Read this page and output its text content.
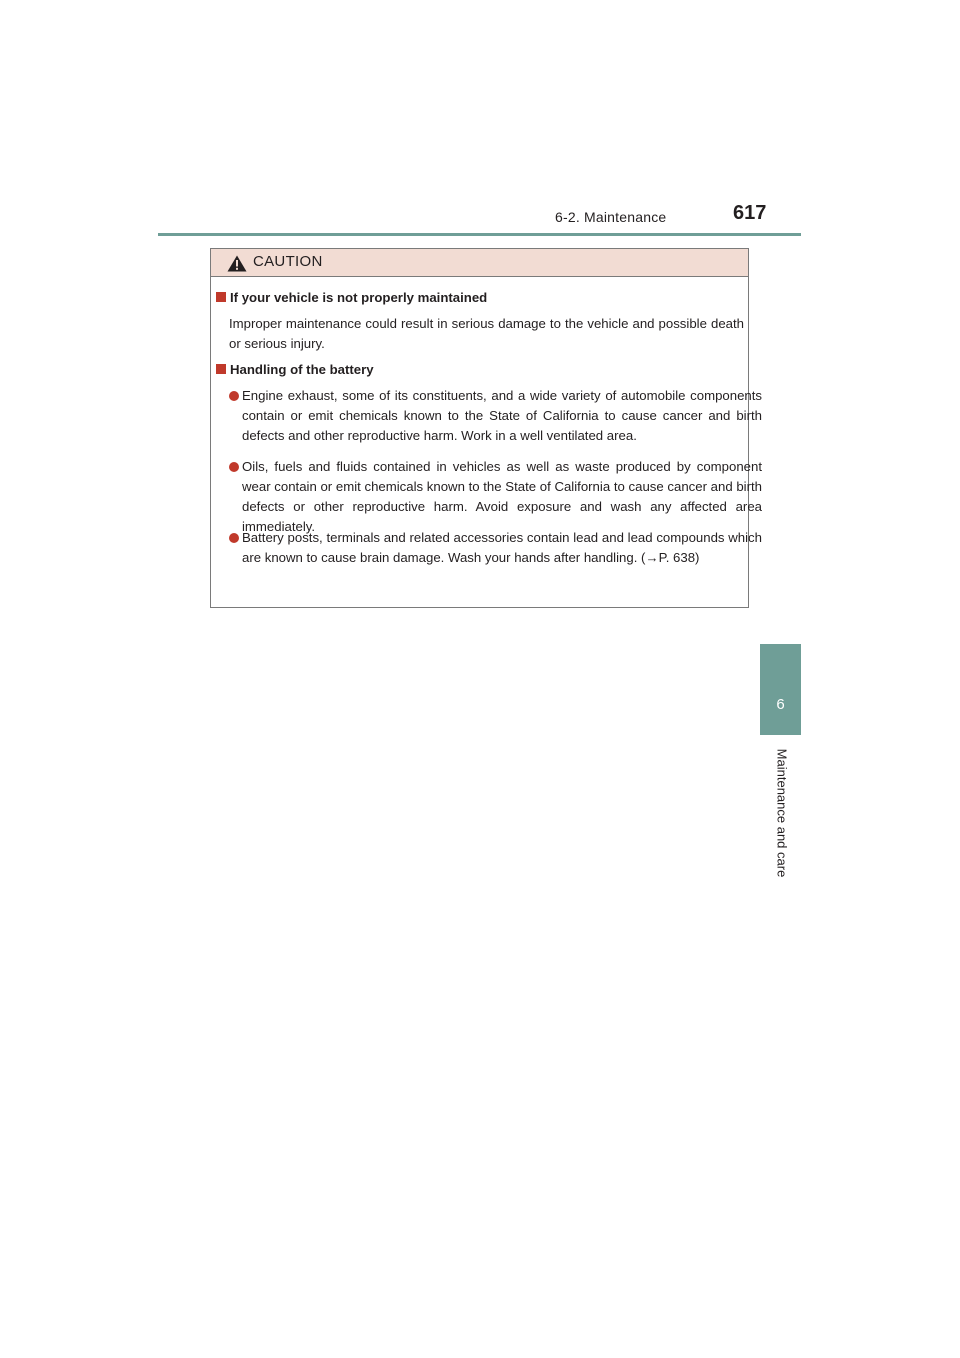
6-2. Maintenance	617
6
Maintenance and care
CAUTION
If your vehicle is not properly maintained
Improper maintenance could result in serious damage to the vehicle and possible death or serious injury.
Handling of the battery
Engine exhaust, some of its constituents, and a wide variety of automobile components contain or emit chemicals known to the State of California to cause cancer and birth defects and other reproductive harm. Work in a well ventilated area.
Oils, fuels and fluids contained in vehicles as well as waste produced by component wear contain or emit chemicals known to the State of California to cause cancer and birth defects or other reproductive harm. Avoid exposure and wash any affected area immediately.
Battery posts, terminals and related accessories contain lead and lead compounds which are known to cause brain damage. Wash your hands after handling. (→P. 638)
